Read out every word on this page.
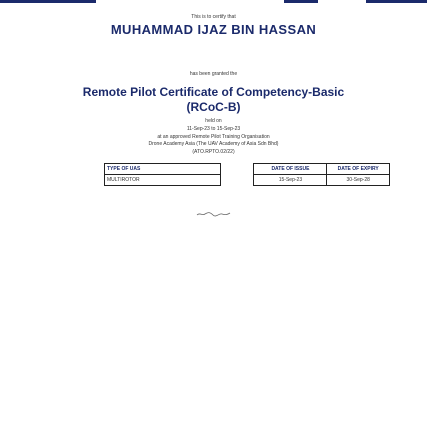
This is to certify that
MUHAMMAD IJAZ BIN HASSAN
has been granted the
Remote Pilot Certificate of Competency-Basic
(RCoC-B)
held on
11-Sep-23 to 15-Sep-23
at an approved Remote Pilot Training Organisation
Drone Academy Asia (The UAV Academy of Asia Sdn Bhd)
(ATO.RPTO.02/22)
TYPE OF UAS		DATE OF ISSUE	DATE OF EXPIRY
MULTIROTOR		15-Sep-23	30-Sep-28
